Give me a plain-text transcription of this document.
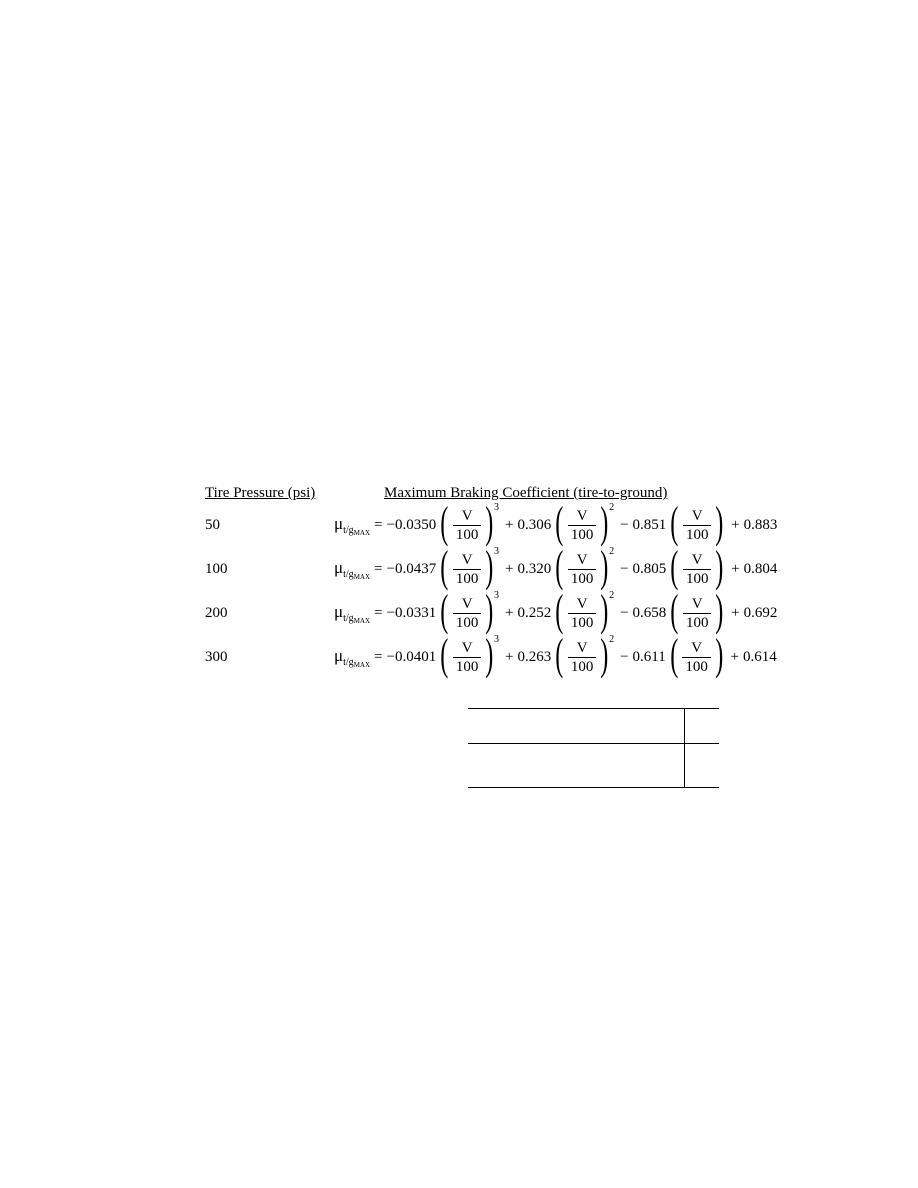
Tire Pressure (psi)	Maximum Braking Coefficient (tire-to-ground)
50	$\mu_{t/g_{MAX}} = -0.0350$ ( $\frac{V}{100}$ ) 3
+ 0.306 ( $\frac{V}{100}$ ) 2
− 0.851 ( $\frac{V}{100}$ ) + 0.883
100	$\mu_{t/g_{MAX}} = -0.0437$ ( $\frac{V}{100}$ ) 3
+ 0.320 ( $\frac{V}{100}$ ) 2
− 0.805 ( $\frac{V}{100}$ ) + 0.804
200	$\mu_{t/g_{MAX}} = -0.0331$ ( $\frac{V}{100}$ ) 3
+ 0.252 ( $\frac{V}{100}$ ) 2
− 0.658 ( $\frac{V}{100}$ ) + 0.692
300	$\mu_{t/g_{MAX}} = -0.0401$ ( $\frac{V}{100}$ ) 3
+ 0.263 ( $\frac{V}{100}$ ) 2
− 0.611 ( $\frac{V}{100}$ ) + 0.614
